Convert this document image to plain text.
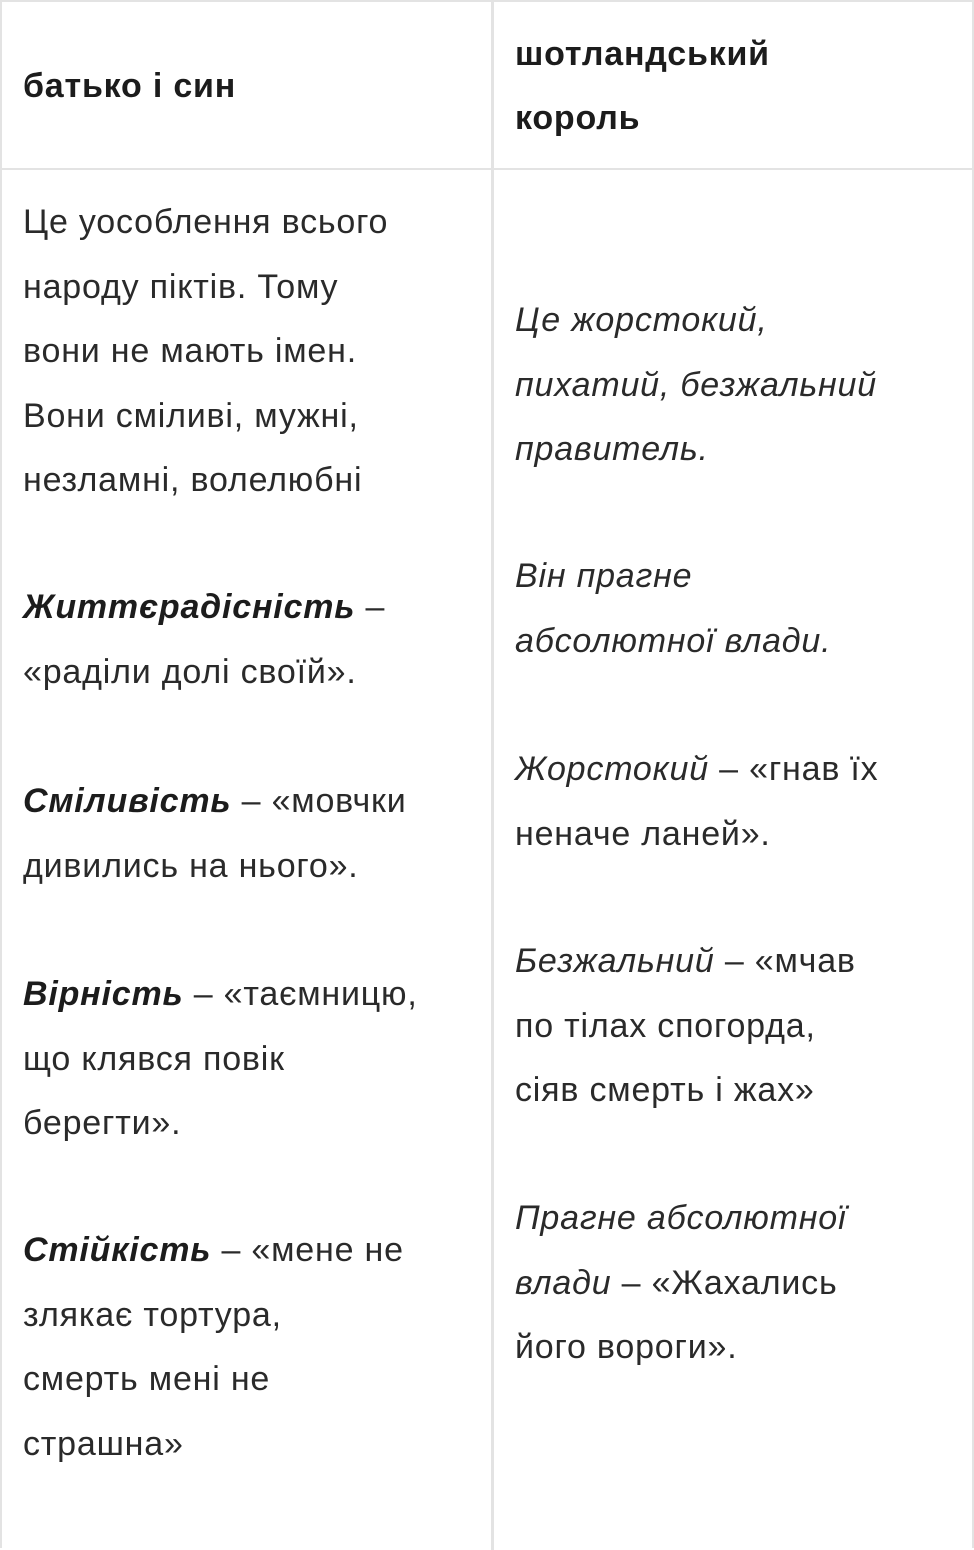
батько і син
шотландський
король
Це уособлення всього
народу піктів. Тому
вони не мають імен.
Вони сміливі, мужні,
незламні, волелюбні
Життєрадісність –
«раділи долі своїй».
Сміливість – «мовчки
дивились на нього».
Вірність – «таємницю,
що клявся повік
берегти».
Стійкість – «мене не
злякає тортура,
смерть мені не
страшна»
Це жорстокий,
пихатий, безжальний
правитель.
Він прагне
абсолютної влади.
Жорстокий – «гнав їх
неначе ланей».
Безжальний – «мчав
по тілах спогорда,
сіяв смерть і жах»
Прагне абсолютної
влади – «Жахались
його вороги».
